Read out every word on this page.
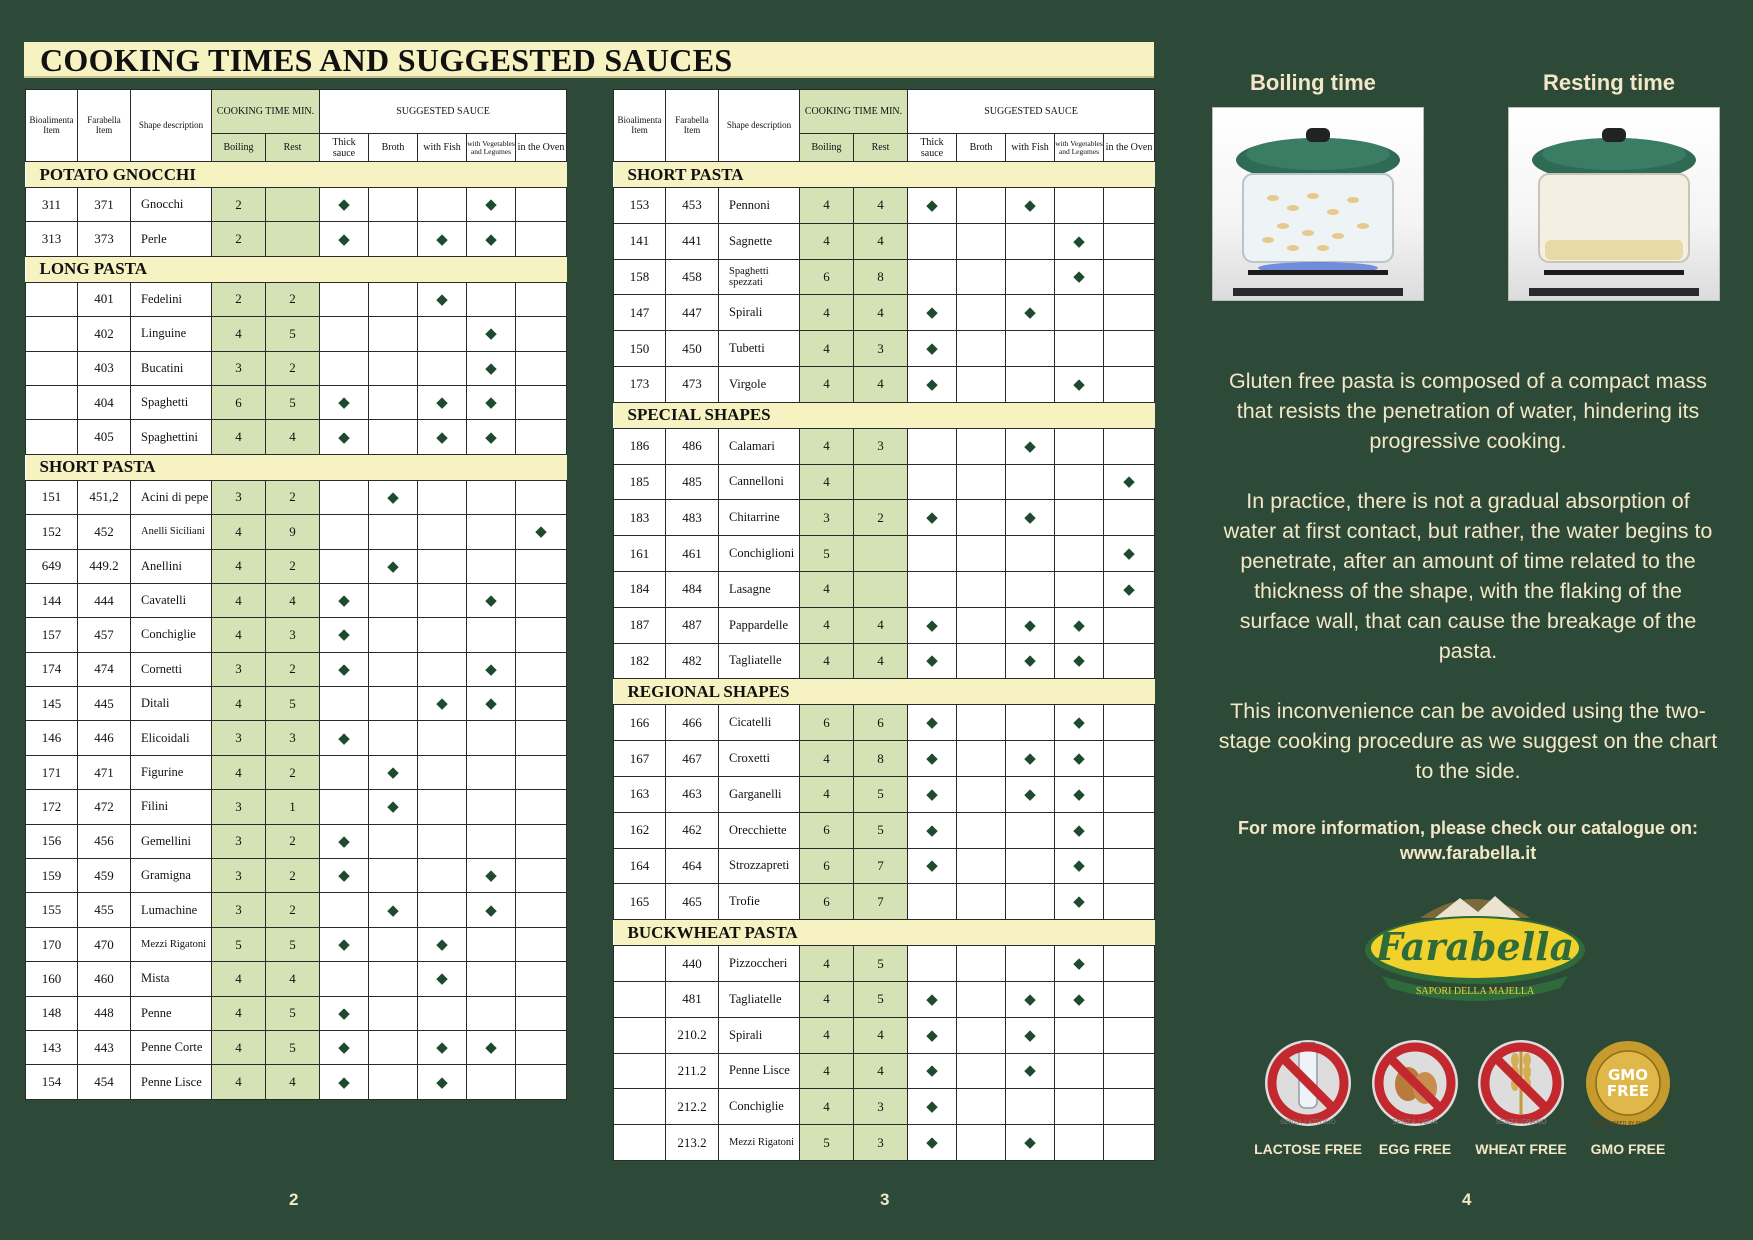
COOKING TIMES AND SUGGESTED SAUCES
Bioalimenta Item	Farabella Item	Shape description	COOKING TIME MIN.		SUGGESTED SAUCE				
			Boiling	Rest	Thick sauce	Broth	with Fish	with Vegetables and Legumes	in the Oven
POTATO GNOCCHI									
311	371	Gnocchi	2		◆			◆	
313	373	Perle	2		◆		◆	◆	
LONG PASTA									
	401	Fedelini	2	2			◆		
	402	Linguine	4	5				◆	
	403	Bucatini	3	2				◆	
	404	Spaghetti	6	5	◆		◆	◆	
	405	Spaghettini	4	4	◆		◆	◆	
SHORT PASTA									
151	451,2	Acini di pepe	3	2		◆			
152	452	Anelli Siciliani	4	9					◆
649	449.2	Anellini	4	2		◆			
144	444	Cavatelli	4	4	◆			◆	
157	457	Conchiglie	4	3	◆				
174	474	Cornetti	3	2	◆			◆	
145	445	Ditali	4	5			◆	◆	
146	446	Elicoidali	3	3	◆				
171	471	Figurine	4	2		◆			
172	472	Filini	3	1		◆			
156	456	Gemellini	3	2	◆				
159	459	Gramigna	3	2	◆			◆	
155	455	Lumachine	3	2		◆		◆	
170	470	Mezzi Rigatoni	5	5	◆		◆		
160	460	Mista	4	4			◆		
148	448	Penne	4	5	◆				
143	443	Penne Corte	4	5	◆		◆	◆	
154	454	Penne Lisce	4	4	◆		◆		
Bioalimenta Item	Farabella Item	Shape description	COOKING TIME MIN.		SUGGESTED SAUCE				
			Boiling	Rest	Thick sauce	Broth	with Fish	with Vegetables and Legumes	in the Oven
SHORT PASTA									
153	453	Pennoni	4	4	◆		◆		
141	441	Sagnette	4	4				◆	
158	458	Spaghetti spezzati	6	8				◆	
147	447	Spirali	4	4	◆		◆		
150	450	Tubetti	4	3	◆				
173	473	Virgole	4	4	◆			◆	
SPECIAL SHAPES									
186	486	Calamari	4	3			◆		
185	485	Cannelloni	4						◆
183	483	Chitarrine	3	2	◆		◆		
161	461	Conchiglioni	5						◆
184	484	Lasagne	4						◆
187	487	Pappardelle	4	4	◆		◆	◆	
182	482	Tagliatelle	4	4	◆		◆	◆	
REGIONAL SHAPES									
166	466	Cicatelli	6	6	◆			◆	
167	467	Croxetti	4	8	◆		◆	◆	
163	463	Garganelli	4	5	◆		◆	◆	
162	462	Orecchiette	6	5	◆			◆	
164	464	Strozzapreti	6	7	◆			◆	
165	465	Trofie	6	7				◆	
BUCKWHEAT PASTA									
	440	Pizzoccheri	4	5				◆	
	481	Tagliatelle	4	5	◆		◆	◆	
	210.2	Spirali	4	4	◆		◆		
	211.2	Penne Lisce	4	4	◆		◆		
	212.2	Conchiglie	4	3	◆				
	213.2	Mezzi Rigatoni	5	3	◆		◆		
Boiling time	Resting time
Gluten free pasta is composed of a compact mass that resists the penetration of water, hindering its progressive cooking.
In practice, there is not a gradual absorption of water at first contact, but rather, the water begins to penetrate, after an amount of time related to the thickness of the shape, with the flaking of the surface wall, that can cause the breakage of the pasta.
This inconvenience can be avoided using the two-stage cooking procedure as we suggest on the chart to the side.
For more information, please check our catalogue on:
www.farabella.it
SAPORI DELLA MAJELLA
Farabella
SENZA LATTOSIO	SENZA UOVA	SENZA GRANO
GMO
FREE
GUARANTEED BY FARABELLA
LACTOSE FREE	EGG FREE	WHEAT FREE	GMO FREE
2	3	4
